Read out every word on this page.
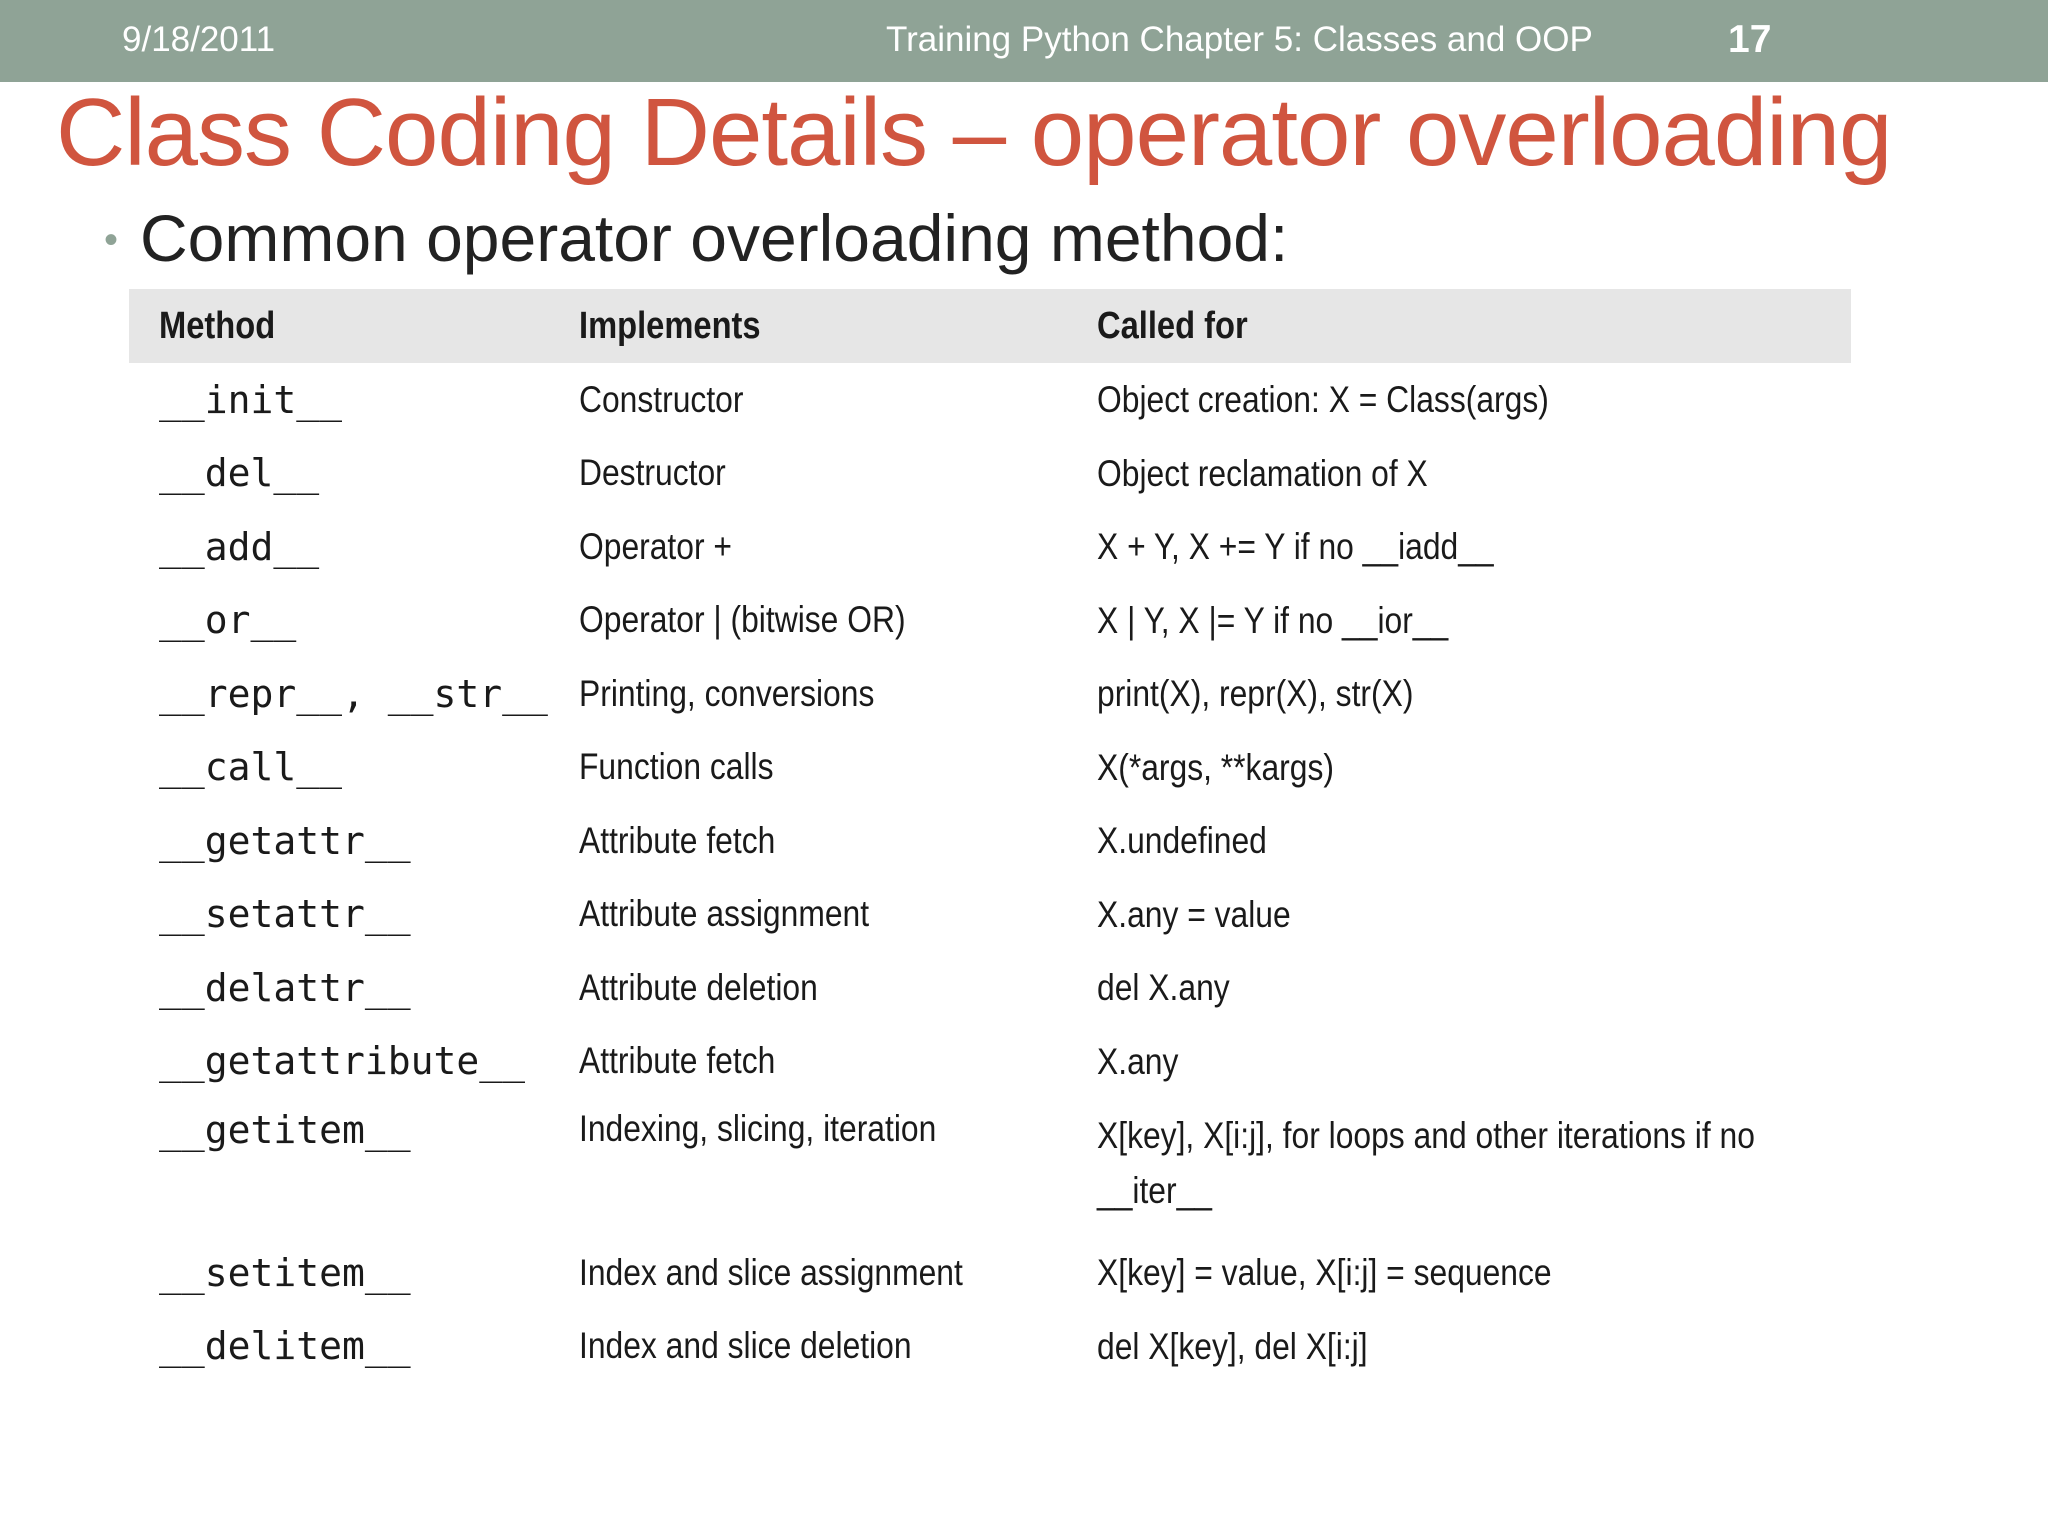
9/18/2011	Training Python Chapter 5: Classes and OOP	17
Class Coding Details – operator overloading
• Common operator overloading method:
Method	Implements	Called for
__init__	Constructor	Object creation: X = Class(args)
__del__	Destructor	Object reclamation of X
__add__	Operator +	X + Y, X += Y if no __iadd__
__or__	Operator | (bitwise OR)	X | Y, X |= Y if no __ior__
__repr__, __str__	Printing, conversions	print(X), repr(X), str(X)
__call__	Function calls	X(*args, **kargs)
__getattr__	Attribute fetch	X.undefined
__setattr__	Attribute assignment	X.any = value
__delattr__	Attribute deletion	del X.any
__getattribute__	Attribute fetch	X.any
__getitem__	Indexing, slicing, iteration	X[key], X[i:j], for loops and other iterations if no __iter__
__setitem__	Index and slice assignment	X[key] = value, X[i:j] = sequence
__delitem__	Index and slice deletion	del X[key], del X[i:j]
